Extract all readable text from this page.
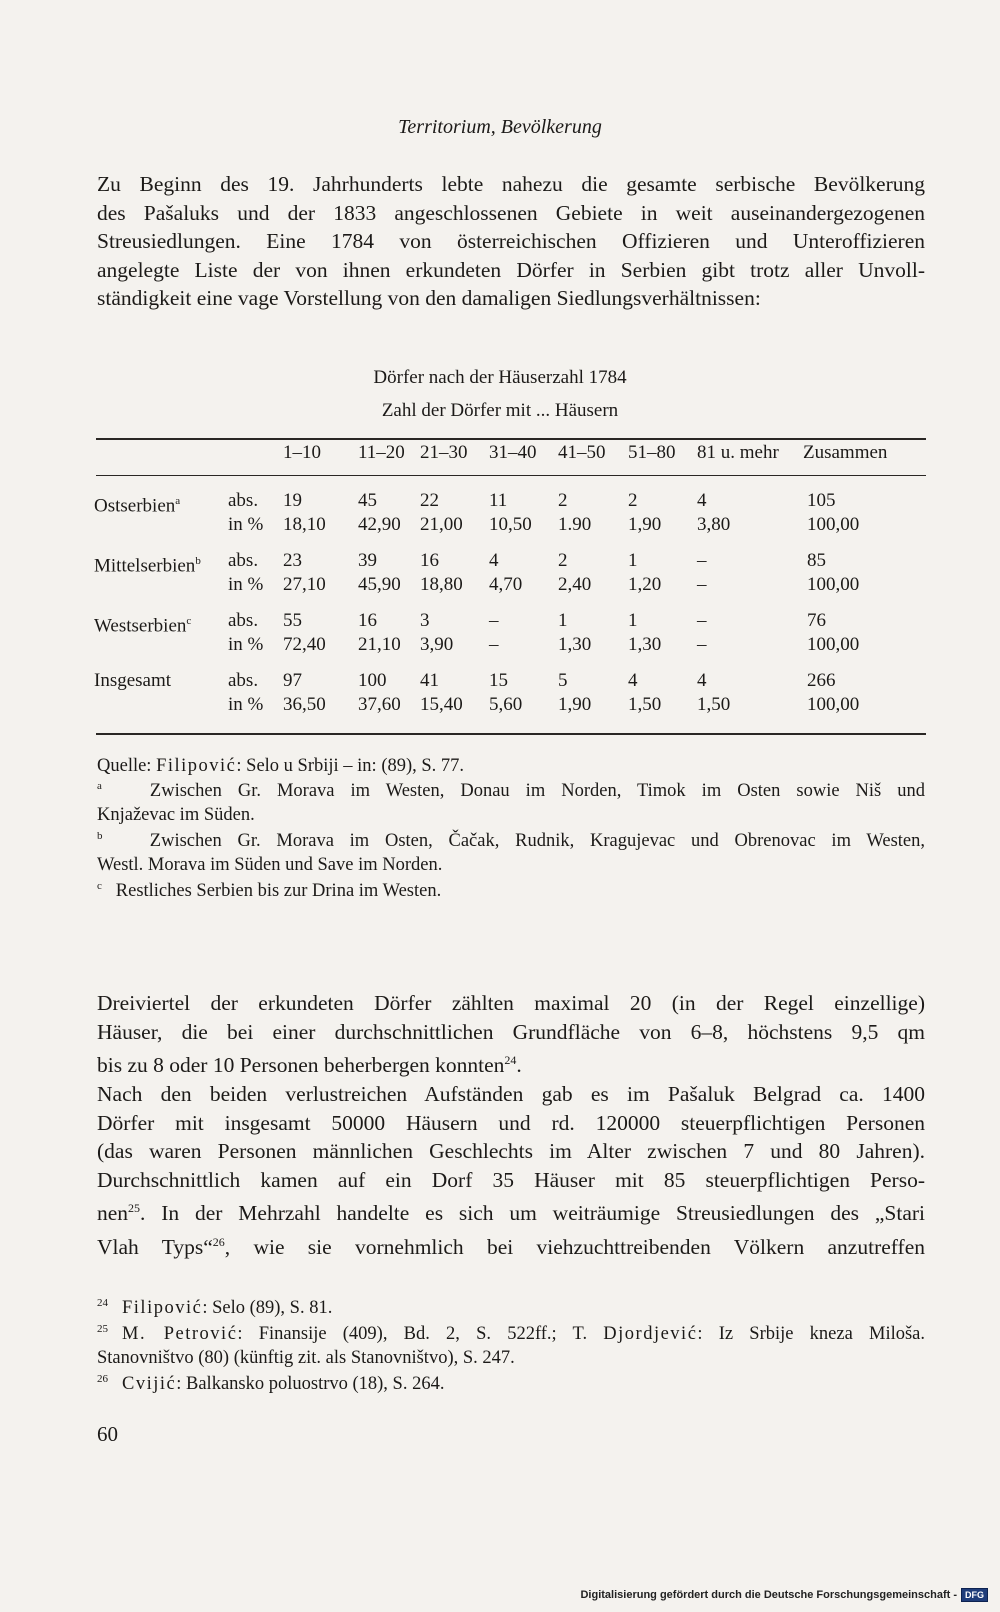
Territorium, Bevölkerung
Zu Beginn des 19. Jahrhunderts lebte nahezu die gesamte serbische Bevölkerung
des Pašaluks und der 1833 angeschlossenen Gebiete in weit auseinandergezogenen
Streusiedlungen. Eine 1784 von österreichischen Offizieren und Unteroffizieren
angelegte Liste der von ihnen erkundeten Dörfer in Serbien gibt trotz aller Unvoll-
ständigkeit eine vage Vorstellung von den damaligen Siedlungsverhältnissen:
Dörfer nach der Häuserzahl 1784
Zahl der Dörfer mit ... Häusern
1–10 11–20 21–30 31–40 41–50 51–80 81 u. mehr Zusammen
Ostserbien$^a$	abs. 19	45 22	11	2	2	4	105
in % 18,10 42,90 21,00 10,50 1.90 1,90 3,80	100,00
Mittelserbien$^b$ abs. 23	39 16	4	2	1	–	85
in % 27,10 45,90 18,80 4,70 2,40 1,20 –	100,00
Westserbien$^c$ abs. 55	16 3	–	1	1	–	76
in % 72,40 21,10 3,90 –	1,30 1,30 –	100,00
Insgesamt	abs. 97	100 41	15	5	4	4	266
in % 36,50 37,60 15,40 5,60 1,90 1,50 1,50	100,00
Quelle: Filipović: Selo u Srbiji – in: (89), S. 77.
$^a$	Zwischen Gr. Morava im Westen, Donau im Norden, Timok im Osten sowie Niš und
Knjaževac im Süden.
$^b$	Zwischen Gr. Morava im Osten, Čačak, Rudnik, Kragujevac und Obrenovac im Westen,
Westl. Morava im Süden und Save im Norden.
$^c$ Restliches Serbien bis zur Drina im Westen.
Dreiviertel der erkundeten Dörfer zählten maximal 20 (in der Regel einzellige)
Häuser, die bei einer durchschnittlichen Grundfläche von 6–8, höchstens 9,5 qm
bis zu 8 oder 10 Personen beherbergen konnten$^{24}$.
Nach den beiden verlustreichen Aufständen gab es im Pašaluk Belgrad ca. 1400
Dörfer mit insgesamt 50000 Häusern und rd. 120000 steuerpflichtigen Personen
(das waren Personen männlichen Geschlechts im Alter zwischen 7 und 80 Jahren).
Durchschnittlich kamen auf ein Dorf 35 Häuser mit 85 steuerpflichtigen Perso-
nen$^{25}$. In der Mehrzahl handelte es sich um weiträumige Streusiedlungen des „Stari
Vlah Typs“$^{26}$, wie sie vornehmlich bei viehzuchttreibenden Völkern anzutreffen
$^{24}$ Filipović: Selo (89), S. 81.
$^{25}$ M. Petrović: Finansije (409), Bd. 2, S. 522ff.; T. Djordjević: Iz Srbije kneza Miloša.
Stanovništvo (80) (künftig zit. als Stanovništvo), S. 247.
$^{26}$ Cvijić: Balkansko poluostrvo (18), S. 264.
60
Digitalisierung gefördert durch die Deutsche Forschungsgemeinschaft - DFG
